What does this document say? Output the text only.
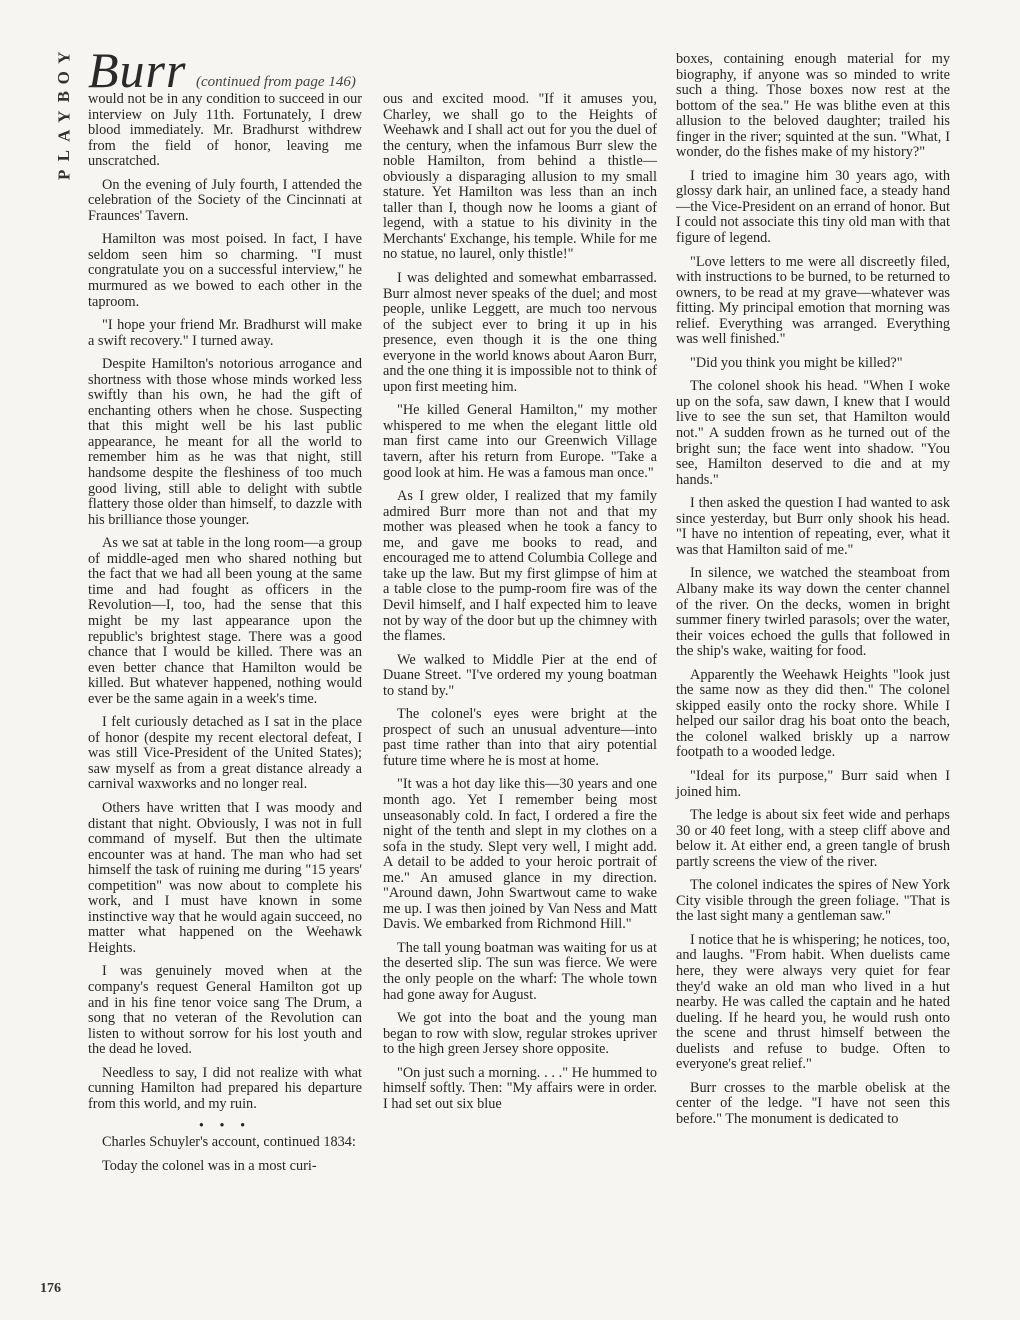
Y
O
B
Y
A
L
P
Burr (continued from page 146)

would not be in any condition to succeed in our interview on July 11th. Fortunately, I drew blood immediately. Mr. Bradhurst withdrew from the field of honor, leaving me unscratched.

On the evening of July fourth, I attended the celebration of the Society of the Cincinnati at Fraunces' Tavern.

Hamilton was most poised. In fact, I have seldom seen him so charming. "I must congratulate you on a successful interview," he murmured as we bowed to each other in the taproom.

"I hope your friend Mr. Bradhurst will make a swift recovery." I turned away.

Despite Hamilton's notorious arrogance and shortness with those whose minds worked less swiftly than his own, he had the gift of enchanting others when he chose. Suspecting that this might well be his last public appearance, he meant for all the world to remember him as he was that night, still handsome despite the fleshiness of too much good living, still able to delight with subtle flattery those older than himself, to dazzle with his brilliance those younger.

As we sat at table in the long room—a group of middle-aged men who shared nothing but the fact that we had all been young at the same time and had fought as officers in the Revolution—I, too, had the sense that this might be my last appearance upon the republic's brightest stage. There was a good chance that I would be killed. There was an even better chance that Hamilton would be killed. But whatever happened, nothing would ever be the same again in a week's time.

I felt curiously detached as I sat in the place of honor (despite my recent electoral defeat, I was still Vice-President of the United States); saw myself as from a great distance already a carnival waxworks and no longer real.

Others have written that I was moody and distant that night. Obviously, I was not in full command of myself. But then the ultimate encounter was at hand. The man who had set himself the task of ruining me during "15 years' competition" was now about to complete his work, and I must have known in some instinctive way that he would again succeed, no matter what happened on the Weehawk Heights.

I was genuinely moved when at the company's request General Hamilton got up and in his fine tenor voice sang The Drum, a song that no veteran of the Revolution can listen to without sorrow for his lost youth and the dead he loved.

Needless to say, I did not realize with what cunning Hamilton had prepared his departure from this world, and my ruin.

• • •

Charles Schuyler's account, continued 1834:

Today the colonel was in a most curi-

ous and excited mood. "If it amuses you, Charley, we shall go to the Heights of Weehawk and I shall act out for you the duel of the century, when the infamous Burr slew the noble Hamilton, from behind a thistle—obviously a disparaging allusion to my small stature. Yet Hamilton was less than an inch taller than I, though now he looms a giant of legend, with a statue to his divinity in the Merchants' Exchange, his temple. While for me no statue, no laurel, only thistle!"

I was delighted and somewhat embarrassed. Burr almost never speaks of the duel; and most people, unlike Leggett, are much too nervous of the subject ever to bring it up in his presence, even though it is the one thing everyone in the world knows about Aaron Burr, and the one thing it is impossible not to think of upon first meeting him.

"He killed General Hamilton," my mother whispered to me when the elegant little old man first came into our Greenwich Village tavern, after his return from Europe. "Take a good look at him. He was a famous man once."

As I grew older, I realized that my family admired Burr more than not and that my mother was pleased when he took a fancy to me, and gave me books to read, and encouraged me to attend Columbia College and take up the law. But my first glimpse of him at a table close to the pump-room fire was of the Devil himself, and I half expected him to leave not by way of the door but up the chimney with the flames.

We walked to Middle Pier at the end of Duane Street. "I've ordered my young boatman to stand by."

The colonel's eyes were bright at the prospect of such an unusual adventure—into past time rather than into that airy potential future time where he is most at home.

"It was a hot day like this—30 years and one month ago. Yet I remember being most unseasonably cold. In fact, I ordered a fire the night of the tenth and slept in my clothes on a sofa in the study. Slept very well, I might add. A detail to be added to your heroic portrait of me." An amused glance in my direction. "Around dawn, John Swartwout came to wake me up. I was then joined by Van Ness and Matt Davis. We embarked from Richmond Hill."

The tall young boatman was waiting for us at the deserted slip. The sun was fierce. We were the only people on the wharf: The whole town had gone away for August.

We got into the boat and the young man began to row with slow, regular strokes upriver to the high green Jersey shore opposite.

"On just such a morning. . . ." He hummed to himself softly. Then: "My affairs were in order. I had set out six blue

boxes, containing enough material for my biography, if anyone was so minded to write such a thing. Those boxes now rest at the bottom of the sea." He was blithe even at this allusion to the beloved daughter; trailed his finger in the river; squinted at the sun. "What, I wonder, do the fishes make of my history?"

I tried to imagine him 30 years ago, with glossy dark hair, an unlined face, a steady hand—the Vice-President on an errand of honor. But I could not associate this tiny old man with that figure of legend.

"Love letters to me were all discreetly filed, with instructions to be burned, to be returned to owners, to be read at my grave—whatever was fitting. My principal emotion that morning was relief. Everything was arranged. Everything was well finished."

"Did you think you might be killed?"

The colonel shook his head. "When I woke up on the sofa, saw dawn, I knew that I would live to see the sun set, that Hamilton would not." A sudden frown as he turned out of the bright sun; the face went into shadow. "You see, Hamilton deserved to die and at my hands."

I then asked the question I had wanted to ask since yesterday, but Burr only shook his head. "I have no intention of repeating, ever, what it was that Hamilton said of me."

In silence, we watched the steamboat from Albany make its way down the center channel of the river. On the decks, women in bright summer finery twirled parasols; over the water, their voices echoed the gulls that followed in the ship's wake, waiting for food.

Apparently the Weehawk Heights "look just the same now as they did then." The colonel skipped easily onto the rocky shore. While I helped our sailor drag his boat onto the beach, the colonel walked briskly up a narrow footpath to a wooded ledge.

"Ideal for its purpose," Burr said when I joined him.

The ledge is about six feet wide and perhaps 30 or 40 feet long, with a steep cliff above and below it. At either end, a green tangle of brush partly screens the view of the river.

The colonel indicates the spires of New York City visible through the green foliage. "That is the last sight many a gentleman saw."

I notice that he is whispering; he notices, too, and laughs. "From habit. When duelists came here, they were always very quiet for fear they'd wake an old man who lived in a hut nearby. He was called the captain and he hated dueling. If he heard you, he would rush onto the scene and thrust himself between the duelists and refuse to budge. Often to everyone's great relief."

Burr crosses to the marble obelisk at the center of the ledge. "I have not seen this before." The monument is dedicated to

176
